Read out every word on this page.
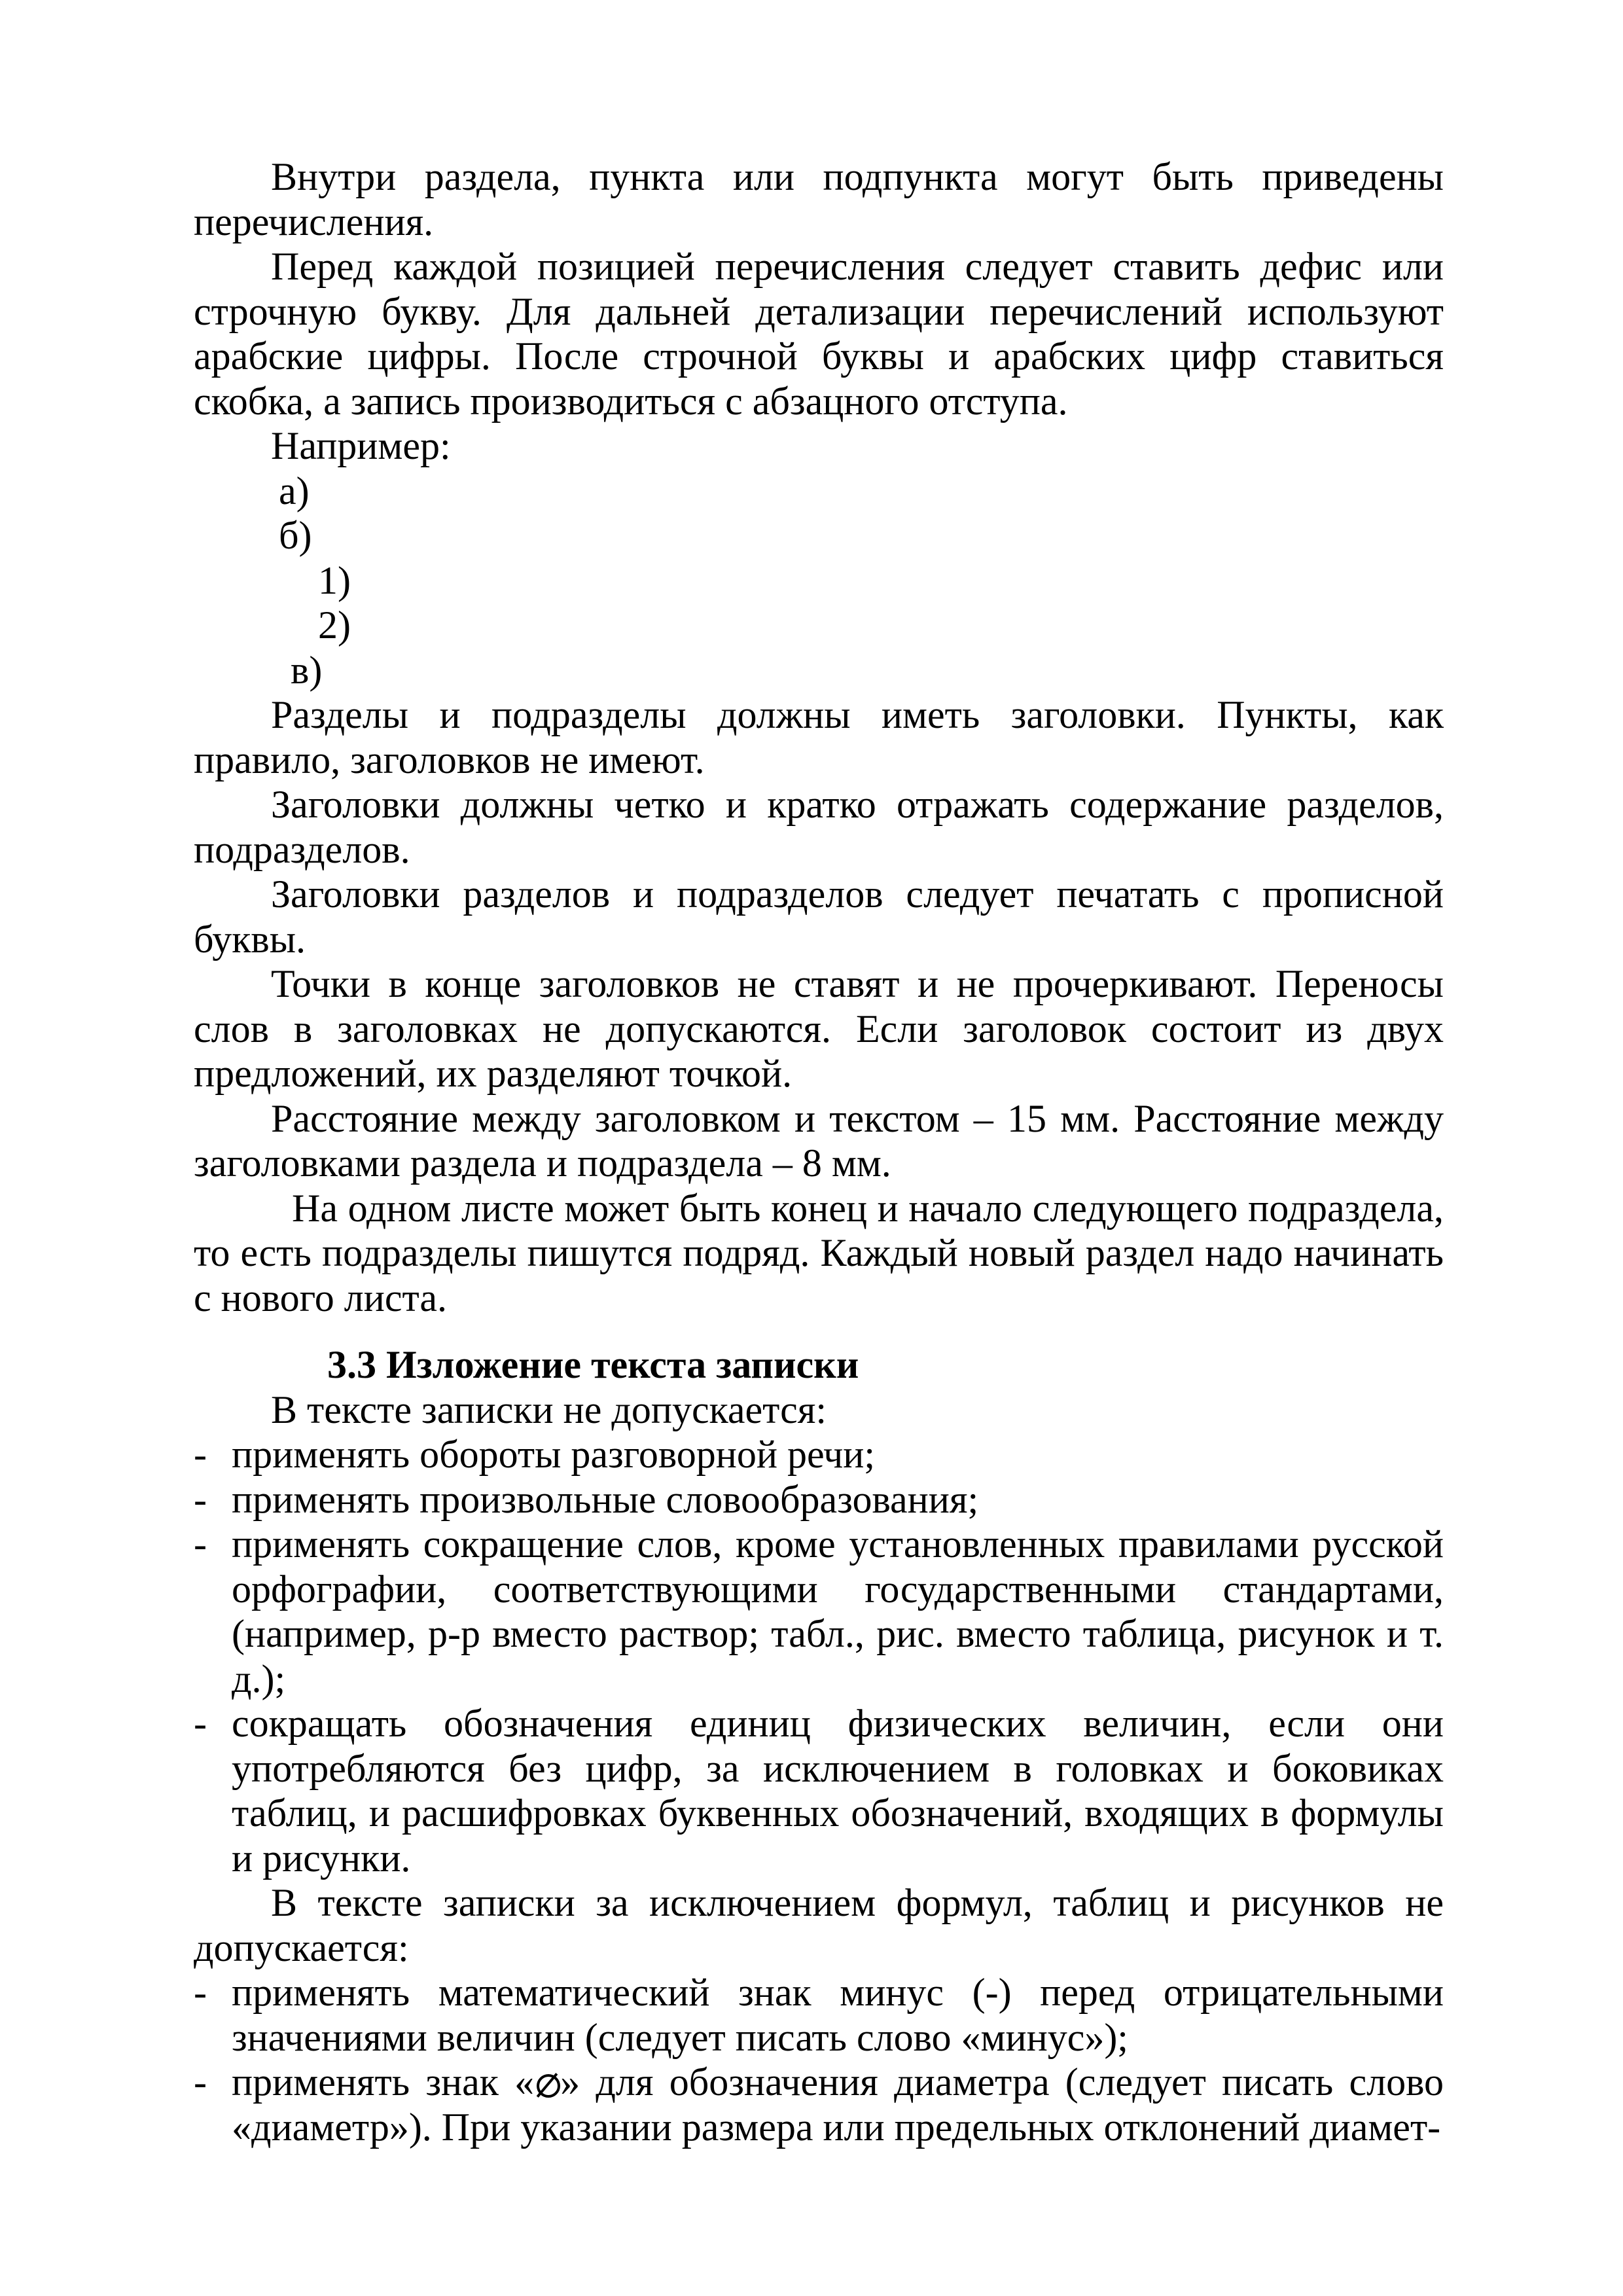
Внутри раздела, пункта или подпункта могут быть приведены перечисления.

Перед каждой позицией перечисления следует ставить дефис или строчную букву. Для дальней детализации перечислений используют арабские цифры. После строчной буквы и арабских цифр ставиться скобка, а запись производиться с абзацного отступа.

Например:

а)

б)

1)

2)

в)

Разделы и подразделы должны иметь заголовки. Пункты, как правило, заголовков не имеют.

Заголовки должны четко и кратко отражать содержание разделов, подразделов.

Заголовки разделов и подразделов следует печатать с прописной буквы.

Точки в конце заголовков не ставят и не прочеркивают. Переносы слов в заголовках не допускаются. Если заголовок состоит из двух предложений, их разделяют точкой.

Расстояние между заголовком и текстом – 15 мм. Расстояние между заголовками раздела и подраздела – 8 мм.

На одном листе может быть конец и начало следующего подраздела, то есть подразделы пишутся подряд. Каждый новый раздел надо начинать с нового листа.

3.3 Изложение текста записки

В тексте записки не допускается:

- применять обороты разговорной речи;

- применять произвольные словообразования;

- применять сокращение слов, кроме установленных правилами русской орфографии, соответствующими государственными стандартами, (например, р-р вместо раствор; табл., рис. вместо таблица, рисунок и т. д.);

- сокращать обозначения единиц физических величин, если они употребляются без цифр, за исключением в головках и боковиках таблиц, и расшифровках буквенных обозначений, входящих в формулы и рисунки.

В тексте записки за исключением формул, таблиц и рисунков не допускается:

- применять математический знак минус (-) перед отрицательными значениями величин (следует писать слово «минус»);

- применять знак « » для обозначения диаметра (следует писать слово «диаметр»). При указании размера или предельных отклонений диамет-
